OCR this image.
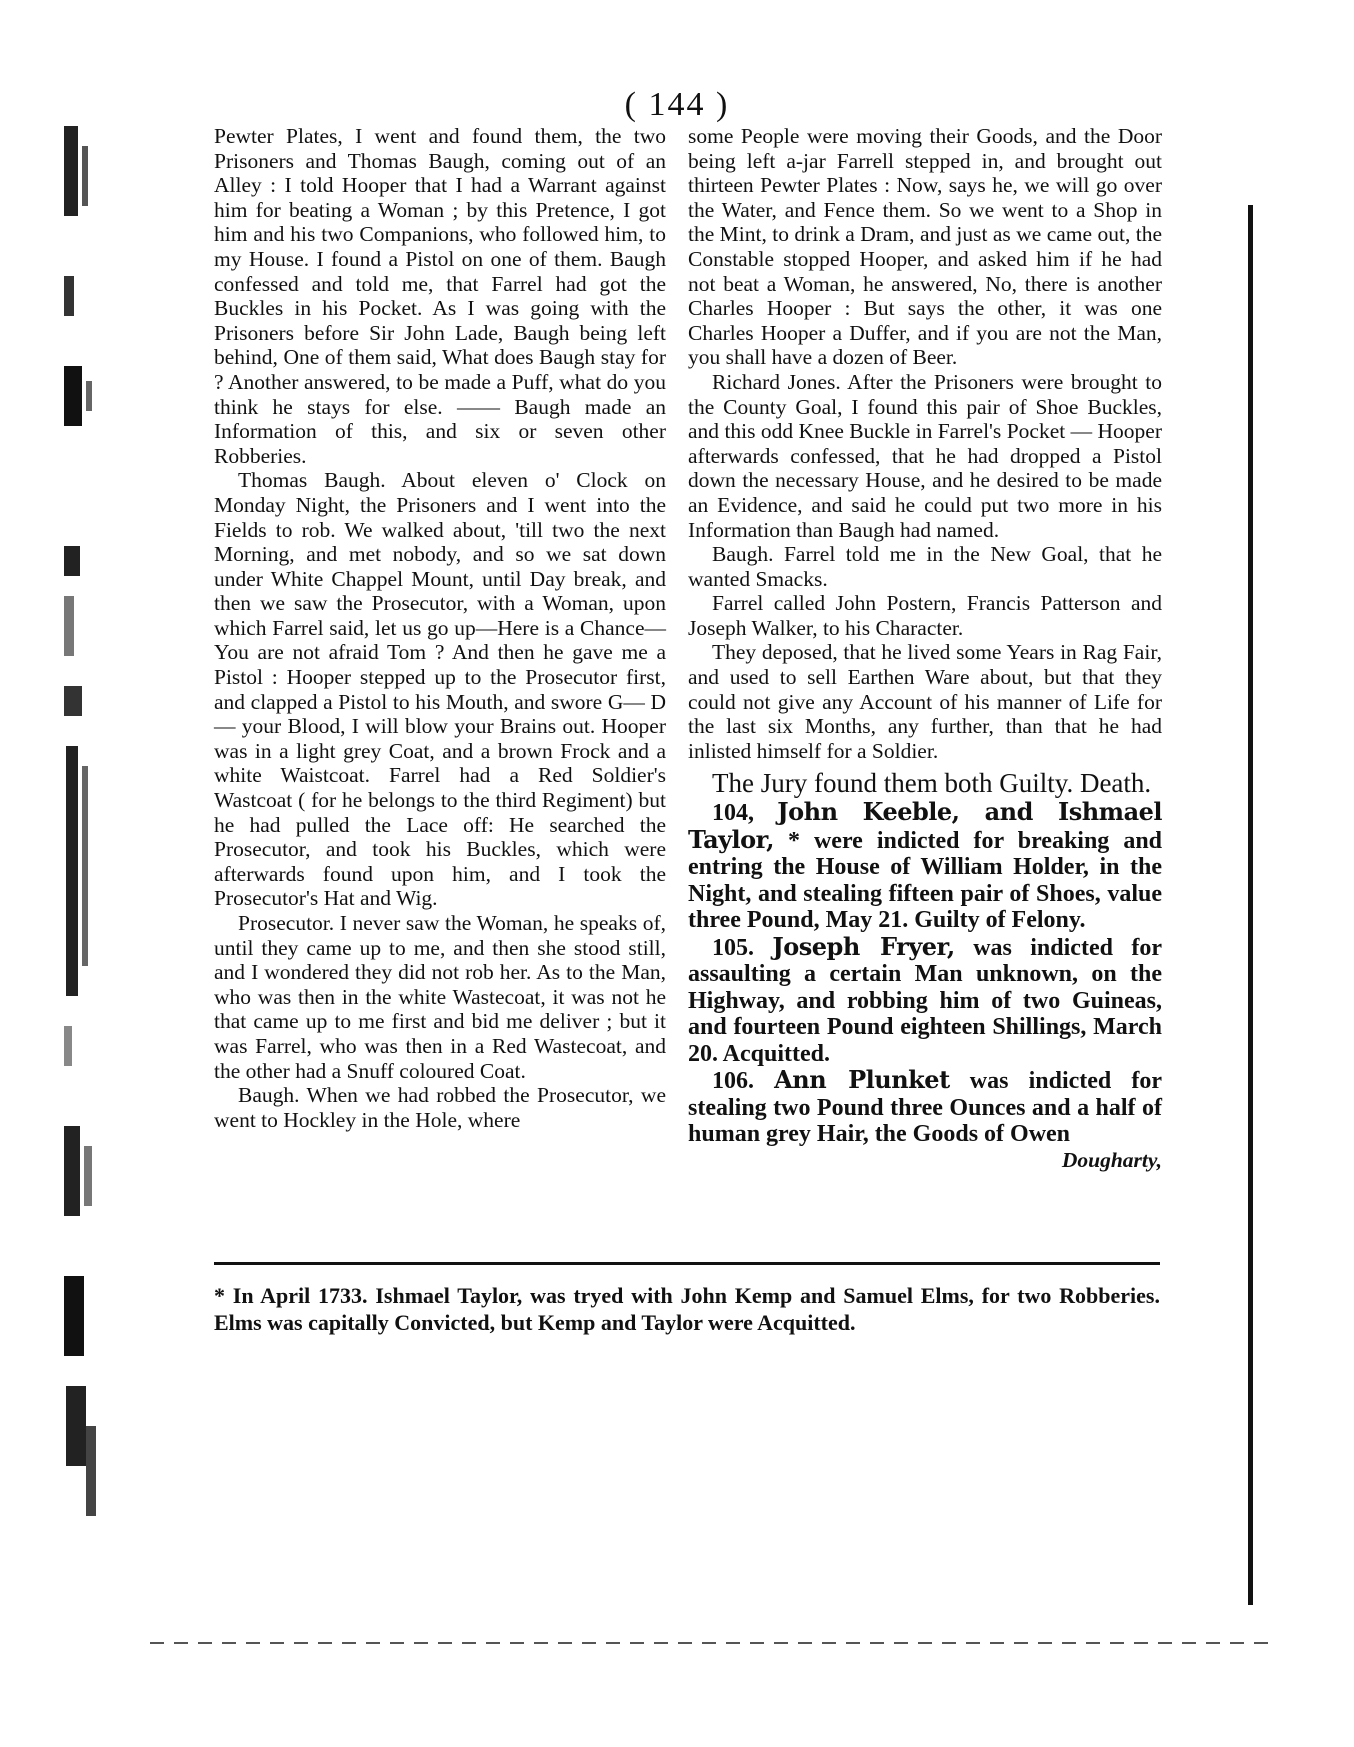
( 144 )

Pewter Plates, I went and found them, the two Prisoners and Thomas Baugh, coming out of an Alley : I told Hooper that I had a Warrant against him for beating a Woman ; by this Pretence, I got him and his two Companions, who followed him, to my House. I found a Pistol on one of them. Baugh confessed and told me, that Farrel had got the Buckles in his Pocket. As I was going with the Prisoners before Sir John Lade, Baugh being left behind, One of them said, What does Baugh stay for ? Another answered, to be made a Puff, what do you think he stays for else. —— Baugh made an Information of this, and six or seven other Robberies.

Thomas Baugh. About eleven o' Clock on Monday Night, the Prisoners and I went into the Fields to rob. We walked about, 'till two the next Morning, and met nobody, and so we sat down under White Chappel Mount, until Day break, and then we saw the Prosecutor, with a Woman, upon which Farrel said, let us go up—Here is a Chance— You are not afraid Tom ? And then he gave me a Pistol : Hooper stepped up to the Prosecutor first, and clapped a Pistol to his Mouth, and swore G— D— your Blood, I will blow your Brains out. Hooper was in a light grey Coat, and a brown Frock and a white Waistcoat. Farrel had a Red Soldier's Wastcoat ( for he belongs to the third Regiment) but he had pulled the Lace off: He searched the Prosecutor, and took his Buckles, which were afterwards found upon him, and I took the Prosecutor's Hat and Wig.

Prosecutor. I never saw the Woman, he speaks of, until they came up to me, and then she stood still, and I wondered they did not rob her. As to the Man, who was then in the white Wastecoat, it was not he that came up to me first and bid me deliver ; but it was Farrel, who was then in a Red Wastecoat, and the other had a Snuff coloured Coat.

Baugh. When we had robbed the Prosecutor, we went to Hockley in the Hole, where

some People were moving their Goods, and the Door being left a-jar Farrell stepped in, and brought out thirteen Pewter Plates : Now, says he, we will go over the Water, and Fence them. So we went to a Shop in the Mint, to drink a Dram, and just as we came out, the Constable stopped Hooper, and asked him if he had not beat a Woman, he answered, No, there is another Charles Hooper : But says the other, it was one Charles Hooper a Duffer, and if you are not the Man, you shall have a dozen of Beer.

Richard Jones. After the Prisoners were brought to the County Goal, I found this pair of Shoe Buckles, and this odd Knee Buckle in Farrel's Pocket — Hooper afterwards confessed, that he had dropped a Pistol down the necessary House, and he desired to be made an Evidence, and said he could put two more in his Information than Baugh had named.

Baugh. Farrel told me in the New Goal, that he wanted Smacks.

Farrel called John Postern, Francis Patterson and Joseph Walker, to his Character.

They deposed, that he lived some Years in Rag Fair, and used to sell Earthen Ware about, but that they could not give any Account of his manner of Life for the last six Months, any further, than that he had inlisted himself for a Soldier.

The Jury found them both Guilty. Death.

104, John Keeble, and Ishmael Taylor, * were indicted for breaking and entring the House of William Holder, in the Night, and stealing fifteen pair of Shoes, value three Pound, May 21. Guilty of Felony.

105. Joseph Fryer, was indicted for assaulting a certain Man unknown, on the Highway, and robbing him of two Guineas, and fourteen Pound eighteen Shillings, March 20. Acquitted.

106. Ann Plunket was indicted for stealing two Pound three Ounces and a half of human grey Hair, the Goods of Owen

Dougharty,

* In April 1733. Ishmael Taylor, was tryed with John Kemp and Samuel Elms, for two Robberies. Elms was capitally Convicted, but Kemp and Taylor were Acquitted.
